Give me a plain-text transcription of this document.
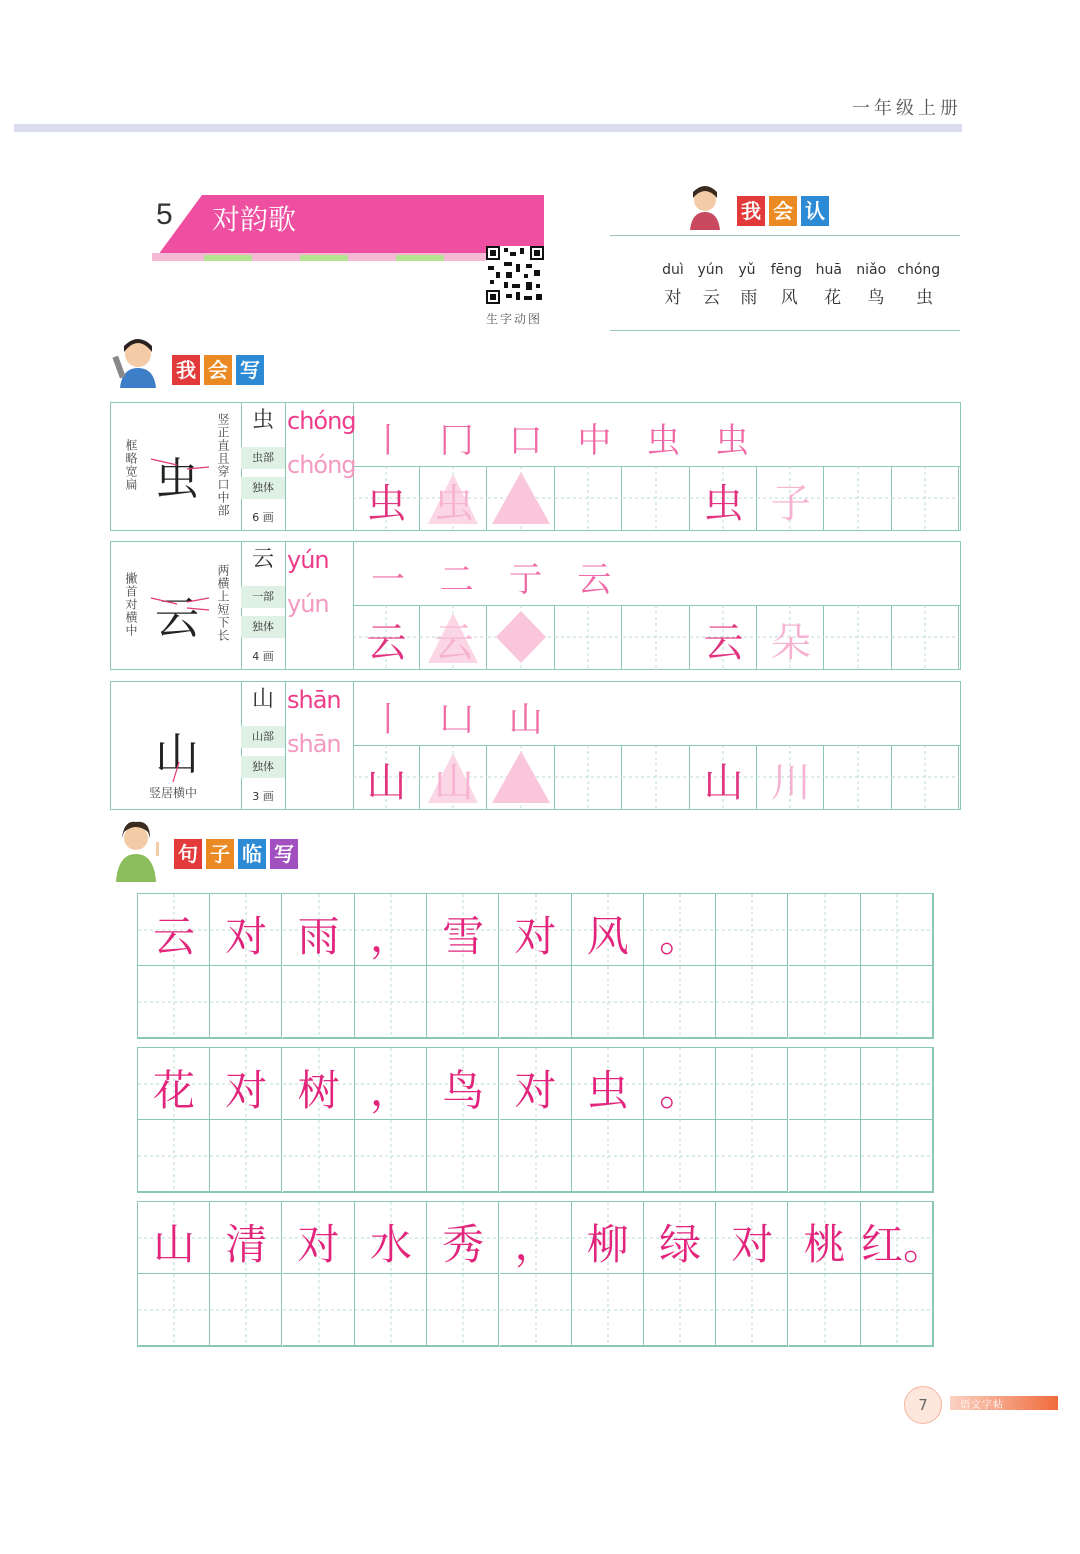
一年级上册
5 对韵歌
生字动图
我 会 认
duì yún yǔ fēng huā niǎo chóng
对 云 雨 风 花 鸟 虫
我 会 写
框略宽扁 虫 竖正直且穿口中部 虫
虫部
独体
6 画
chóng
chóng
丨 ⼌ 口 中 虫 虫
虫 虫	虫 子
撇首对横中 云 两横上短下长
云
一部
独体
4 画
yún
yún
一 二 亍 云
云 云	云 朵
山
竖居横中
山
山部
独体
3 画
shān
shān
丨 凵 山
山 山	山 川
句 子 临 写
云 对 雨 ， 雪 对 风 。
花 对 树 ， 鸟 对 虫 。
山 清 对 水 秀 ， 柳 绿 对 桃 红。
7	语文字帖
